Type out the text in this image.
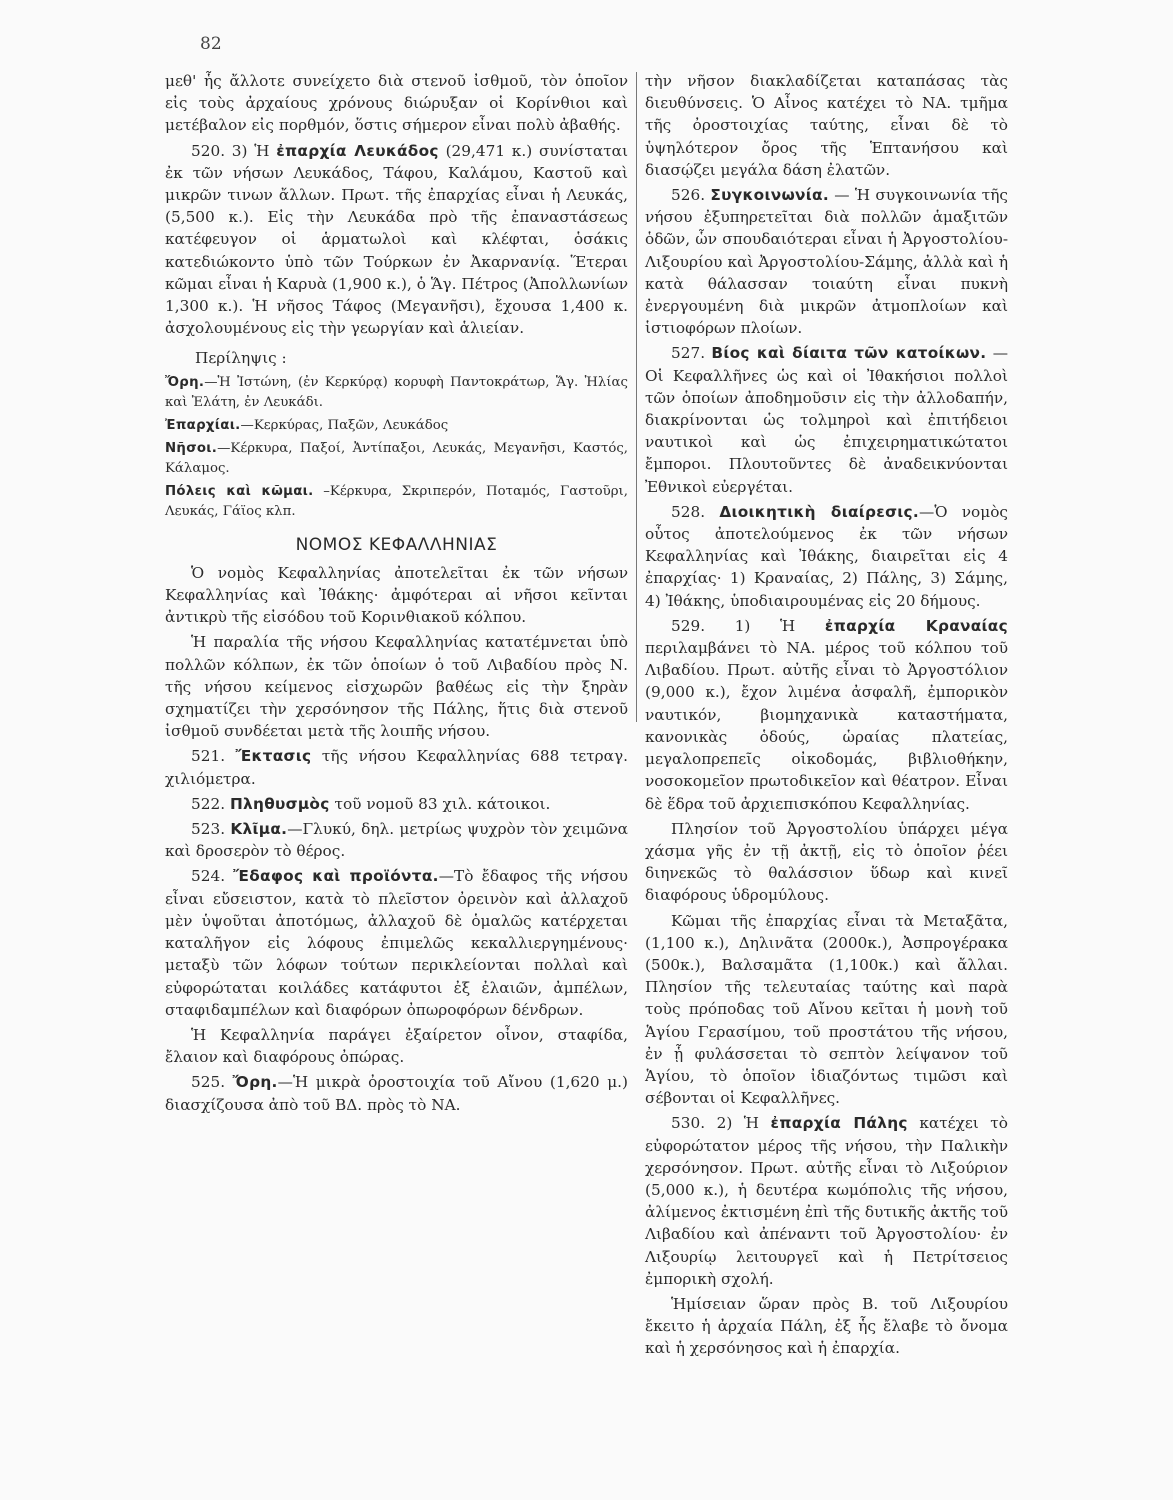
82

μεθ' ἧς ἄλλοτε συνείχετο διὰ στενοῦ ἰσθμοῦ, τὸν ὁποῖον εἰς τοὺς ἀρχαίους χρόνους διώρυξαν οἱ Κορίνθιοι καὶ μετέβαλον εἰς πορθμόν, ὅστις σήμερον εἶναι πολὺ ἀβαθής.

520. 3) Ἡ ἐπαρχία Λευκάδος (29,471 κ.) συνίσταται ἐκ τῶν νήσων Λευκάδος, Τάφου, Καλάμου, Καστοῦ καὶ μικρῶν τινων ἄλλων. Πρωτ. τῆς ἐπαρχίας εἶναι ἡ Λευκάς, (5,500 κ.). Εἰς τὴν Λευκάδα πρὸ τῆς ἐπαναστάσεως κατέφευγον οἱ ἁρματωλοὶ καὶ κλέφται, ὁσάκις κατεδιώκοντο ὑπὸ τῶν Τούρκων ἐν Ἀκαρνανίᾳ. Ἕτεραι κῶμαι εἶναι ἡ Καρυὰ (1,900 κ.), ὁ Ἅγ. Πέτρος (Ἀπολλωνίων 1,300 κ.). Ἡ νῆσος Τάφος (Μεγανῆσι), ἔχουσα 1,400 κ. ἀσχολουμένους εἰς τὴν γεωργίαν καὶ ἁλιείαν.

Περίληψις :

Ὄρη.—Ἡ Ἰστώνη, (ἐν Κερκύρᾳ) κορυφὴ Παντοκράτωρ, Ἅγ. Ἠλίας καὶ Ἐλάτη, ἐν Λευκάδι.

Ἐπαρχίαι.—Κερκύρας, Παξῶν, Λευκάδος

Νῆσοι.—Κέρκυρα, Παξοί, Ἀντίπαξοι, Λευκάς, Μεγανῆσι, Καστός, Κάλαμος.

Πόλεις καὶ κῶμαι. –Κέρκυρα, Σκριπερόν, Ποταμός, Γαστοῦρι, Λευκάς, Γάϊος κλπ.

ΝΟΜΟΣ ΚΕΦΑΛΛΗΝΙΑΣ

Ὁ νομὸς Κεφαλληνίας ἀποτελεῖται ἐκ τῶν νήσων Κεφαλληνίας καὶ Ἰθάκης· ἀμφότεραι αἱ νῆσοι κεῖνται ἀντικρὺ τῆς εἰσόδου τοῦ Κορινθιακοῦ κόλπου.

Ἡ παραλία τῆς νήσου Κεφαλληνίας κατατέμνεται ὑπὸ πολλῶν κόλπων, ἐκ τῶν ὁποίων ὁ τοῦ Λιβαδίου πρὸς Ν. τῆς νήσου κείμενος εἰσχωρῶν βαθέως εἰς τὴν ξηρὰν σχηματίζει τὴν χερσόνησον τῆς Πάλης, ἥτις διὰ στενοῦ ἰσθμοῦ συνδέεται μετὰ τῆς λοιπῆς νήσου.

521. Ἔκτασις τῆς νήσου Κεφαλληνίας 688 τετραγ. χιλιόμετρα.

522. Πληθυσμὸς τοῦ νομοῦ 83 χιλ. κάτοικοι.

523. Κλῖμα.—Γλυκύ, δηλ. μετρίως ψυχρὸν τὸν χειμῶνα καὶ δροσερὸν τὸ θέρος.

524. Ἔδαφος καὶ προϊόντα.—Τὸ ἔδαφος τῆς νήσου εἶναι εὔσειστον, κατὰ τὸ πλεῖστον ὀρεινὸν καὶ ἀλλαχοῦ μὲν ὑψοῦται ἀποτόμως, ἀλλαχοῦ δὲ ὁμαλῶς κατέρχεται καταλῆγον εἰς λόφους ἐπιμελῶς κεκαλλιεργημένους· μεταξὺ τῶν λόφων τούτων περικλείονται πολλαὶ καὶ εὐφορώταται κοιλάδες κατάφυτοι ἐξ ἐλαιῶν, ἀμπέλων, σταφιδαμπέλων καὶ διαφόρων ὀπωροφόρων δένδρων.

Ἡ Κεφαλληνία παράγει ἐξαίρετον οἶνον, σταφίδα, ἔλαιον καὶ διαφόρους ὀπώρας.

525. Ὄρη.—Ἡ μικρὰ ὀροστοιχία τοῦ Αἴνου (1,620 μ.) διασχίζουσα ἀπὸ τοῦ ΒΔ. πρὸς τὸ ΝΑ.

τὴν νῆσον διακλαδίζεται καταπάσας τὰς διευθύνσεις. Ὁ Αἶνος κατέχει τὸ ΝΑ. τμῆμα τῆς ὀροστοιχίας ταύτης, εἶναι δὲ τὸ ὑψηλότερον ὄρος τῆς Ἑπτανήσου καὶ διασῴζει μεγάλα δάση ἐλατῶν.

526. Συγκοινωνία. — Ἡ συγκοινωνία τῆς νήσου ἐξυπηρετεῖται διὰ πολλῶν ἁμαξιτῶν ὁδῶν, ὧν σπουδαιότεραι εἶναι ἡ Ἀργοστολίου-Λιξουρίου καὶ Ἀργοστολίου-Σάμης, ἀλλὰ καὶ ἡ κατὰ θάλασσαν τοιαύτη εἶναι πυκνὴ ἐνεργουμένη διὰ μικρῶν ἀτμοπλοίων καὶ ἱστιοφόρων πλοίων.

527. Βίος καὶ δίαιτα τῶν κατοίκων. — Οἱ Κεφαλλῆνες ὡς καὶ οἱ Ἰθακήσιοι πολλοὶ τῶν ὁποίων ἀποδημοῦσιν εἰς τὴν ἀλλοδαπήν, διακρίνονται ὡς τολμηροὶ καὶ ἐπιτήδειοι ναυτικοὶ καὶ ὡς ἐπιχειρηματικώτατοι ἔμποροι. Πλουτοῦντες δὲ ἀναδεικνύονται Ἐθνικοὶ εὐεργέται.

528. Διοικητικὴ διαίρεσις.—Ὁ νομὸς οὗτος ἀποτελούμενος ἐκ τῶν νήσων Κεφαλληνίας καὶ Ἰθάκης, διαιρεῖται εἰς 4 ἐπαρχίας· 1) Κραναίας, 2) Πάλης, 3) Σάμης, 4) Ἰθάκης, ὑποδιαιρουμένας εἰς 20 δήμους.

529. 1) Ἡ ἐπαρχία Κραναίας περιλαμβάνει τὸ ΝΑ. μέρος τοῦ κόλπου τοῦ Λιβαδίου. Πρωτ. αὐτῆς εἶναι τὸ Ἀργοστόλιον (9,000 κ.), ἔχον λιμένα ἀσφαλῆ, ἐμπορικὸν ναυτικόν, βιομηχανικὰ καταστήματα, κανονικὰς ὁδούς, ὡραίας πλατείας, μεγαλοπρεπεῖς οἰκοδομάς, βιβλιοθήκην, νοσοκομεῖον πρωτοδικεῖον καὶ θέατρον. Εἶναι δὲ ἕδρα τοῦ ἀρχιεπισκόπου Κεφαλληνίας.

Πλησίον τοῦ Ἀργοστολίου ὑπάρχει μέγα χάσμα γῆς ἐν τῇ ἀκτῇ, εἰς τὸ ὁποῖον ῥέει διηνεκῶς τὸ θαλάσσιον ὕδωρ καὶ κινεῖ διαφόρους ὑδρομύλους.

Κῶμαι τῆς ἐπαρχίας εἶναι τὰ Μεταξᾶτα, (1,100 κ.), Δηλινᾶτα (2000κ.), Ἀσπρογέρακα (500κ.), Βαλσαμᾶτα (1,100κ.) καὶ ἄλλαι. Πλησίον τῆς τελευταίας ταύτης καὶ παρὰ τοὺς πρόποδας τοῦ Αἴνου κεῖται ἡ μονὴ τοῦ Ἁγίου Γερασίμου, τοῦ προστάτου τῆς νήσου, ἐν ᾗ φυλάσσεται τὸ σεπτὸν λείψανον τοῦ Ἁγίου, τὸ ὁποῖον ἰδιαζόντως τιμῶσι καὶ σέβονται οἱ Κεφαλλῆνες.

530. 2) Ἡ ἐπαρχία Πάλης κατέχει τὸ εὐφορώτατον μέρος τῆς νήσου, τὴν Παλικὴν χερσόνησον. Πρωτ. αὐτῆς εἶναι τὸ Λιξούριον (5,000 κ.), ἡ δευτέρα κωμόπολις τῆς νήσου, ἀλίμενος ἐκτισμένη ἐπὶ τῆς δυτικῆς ἀκτῆς τοῦ Λιβαδίου καὶ ἀπέναντι τοῦ Ἀργοστολίου· ἐν Λιξουρίῳ λειτουργεῖ καὶ ἡ Πετρίτσειος ἐμπορικὴ σχολή.

Ἡμίσειαν ὥραν πρὸς Β. τοῦ Λιξουρίου ἔκειτο ἡ ἀρχαία Πάλη, ἐξ ἧς ἔλαβε τὸ ὄνομα καὶ ἡ χερσόνησος καὶ ἡ ἐπαρχία.
